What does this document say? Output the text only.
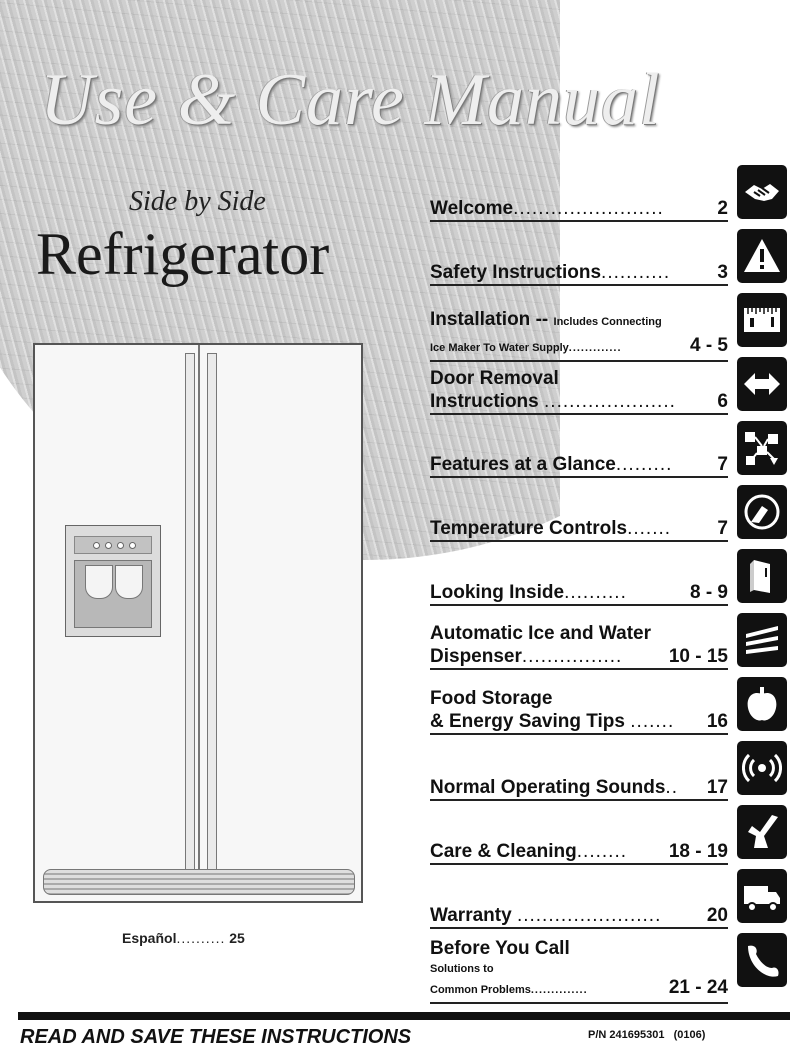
Use & Care Manual
Side by Side
Refrigerator
Español.......... 25
Welcome........................	2
Safety Instructions........... 3
Installation -- Includes Connecting
Ice Maker To Water Supply.............	4 - 5
Door Removal
Instructions ..................... 6
Features at a Glance......... 7
Temperature Controls....... 7
Looking Inside..........	8 - 9
Automatic Ice and Water
Dispenser................ 10 - 15
Food Storage
& Energy Saving Tips ....... 16
Normal Operating Sounds.. 17
Care & Cleaning........ 18 - 19
Warranty ....................... 20
Before You Call
Solutions to
Common Problems..............	21 - 24
READ AND SAVE THESE INSTRUCTIONS	P/N 241695301 (0106)
